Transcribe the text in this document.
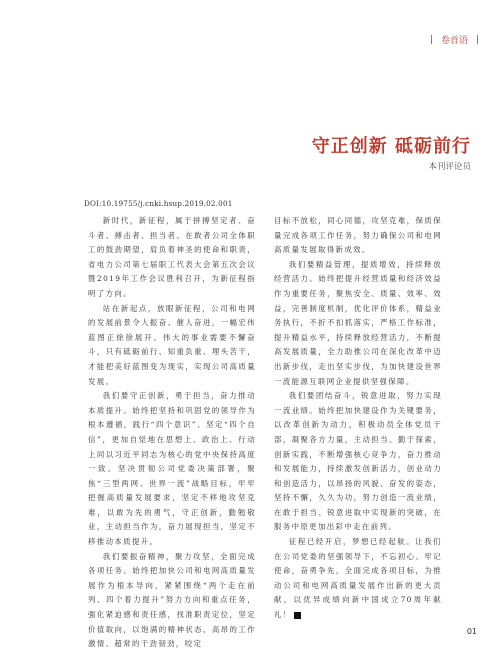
| 卷首语 |
守正创新 砥砺前行
本刊评论员
DOI:10.19755/j.cnki.hsup.2019.02.001

新时代，新征程，属于拼搏坚定者、奋斗者、搏击者、担当者。在敢者公司全体职工的鼓劲期望，肩负着神圣的使命和职责，省电力公司第七届职工代表大会第五次会议暨2019年工作会议胜利召开，为新征程指明了方向。

站在新起点，放眼新征程，公司和电网的发展前景令人振奋、催人奋进，一幅宏伟蓝图正徐徐展开。伟大的事业需要不懈奋斗，只有砥砺前行、知重负重、埋头苦干，才能把美好蓝图变为现实，实现公司高质量发展。

我们要守正创新，勇于担当，奋力推动本质提升。始终把坚持和巩固党的领导作为根本遵循，践行“四个意识”、坚定“四个自信”，更加自觉地在思想上、政治上、行动上同以习近平同志为核心的党中央保持高度一致。坚决贯彻公司党委决策部署，聚焦“三型两网、世界一流”战略目标，牢牢把握高质量发展要求，坚定不移地攻坚克难，以敢为先的勇气，守正创新，勤勉敬业，主动担当作为，奋力展现担当，坚定不移推动本质提升。

我们要振奋精神，聚力攻坚，全面完成各项任务。始终把加快公司和电网高质量发展作为根本导向，紧紧围绕“两个走在前列、四个着力提升”努力方向和重点任务，强化紧迫感和责任感，找准职责定位，坚定价值取向，以饱满的精神状态、高昂的工作激情、超常的干劲韧劲，咬定

目标不放松，同心同德，攻坚克难，保质保量完成各项工作任务，努力确保公司和电网高质量发展取得新成效。

我们要精益管理，提质增效，持续释放经营活力。始终把提升经营质量和经济效益作为重要任务，聚焦安全、质量、效率、效益，完善制度机制，优化评价体系，精益业务执行，不折不扣抓落实，严格工作标准，提升精益水平，持续释放经营活力，不断提高发展质量，全力助推公司在深化改革中迈出新步伐，走出坚实步伐，为加快建设世界一流能源互联网企业提供坚强保障。

我们要团结奋斗，锐意进取，努力实现一流业绩。始终把加快建设作为关键要务，以改革创新为动力，积极动员全体党员干部，凝聚各方力量，主动担当、勤于探索，创新实践，不断增强核心竞争力，奋力推动和发展能力，持续激发创新活力，创业动力和创造活力，以昂扬的风貌、奋发的姿态，坚持不懈，久久为功，努力创造一流业绩，在敢于担当、锐意进取中实现新的突破，在服务中原更加出彩中走在前列。

征程已经开启，梦想已经起航。让我们在公司党委的坚强领导下，不忘初心、牢记使命，奋勇争先，全面完成各项目标，为推动公司和电网高质量发展作出新的更大贡献，以优异成绩向新中国成立70周年献礼！

01
